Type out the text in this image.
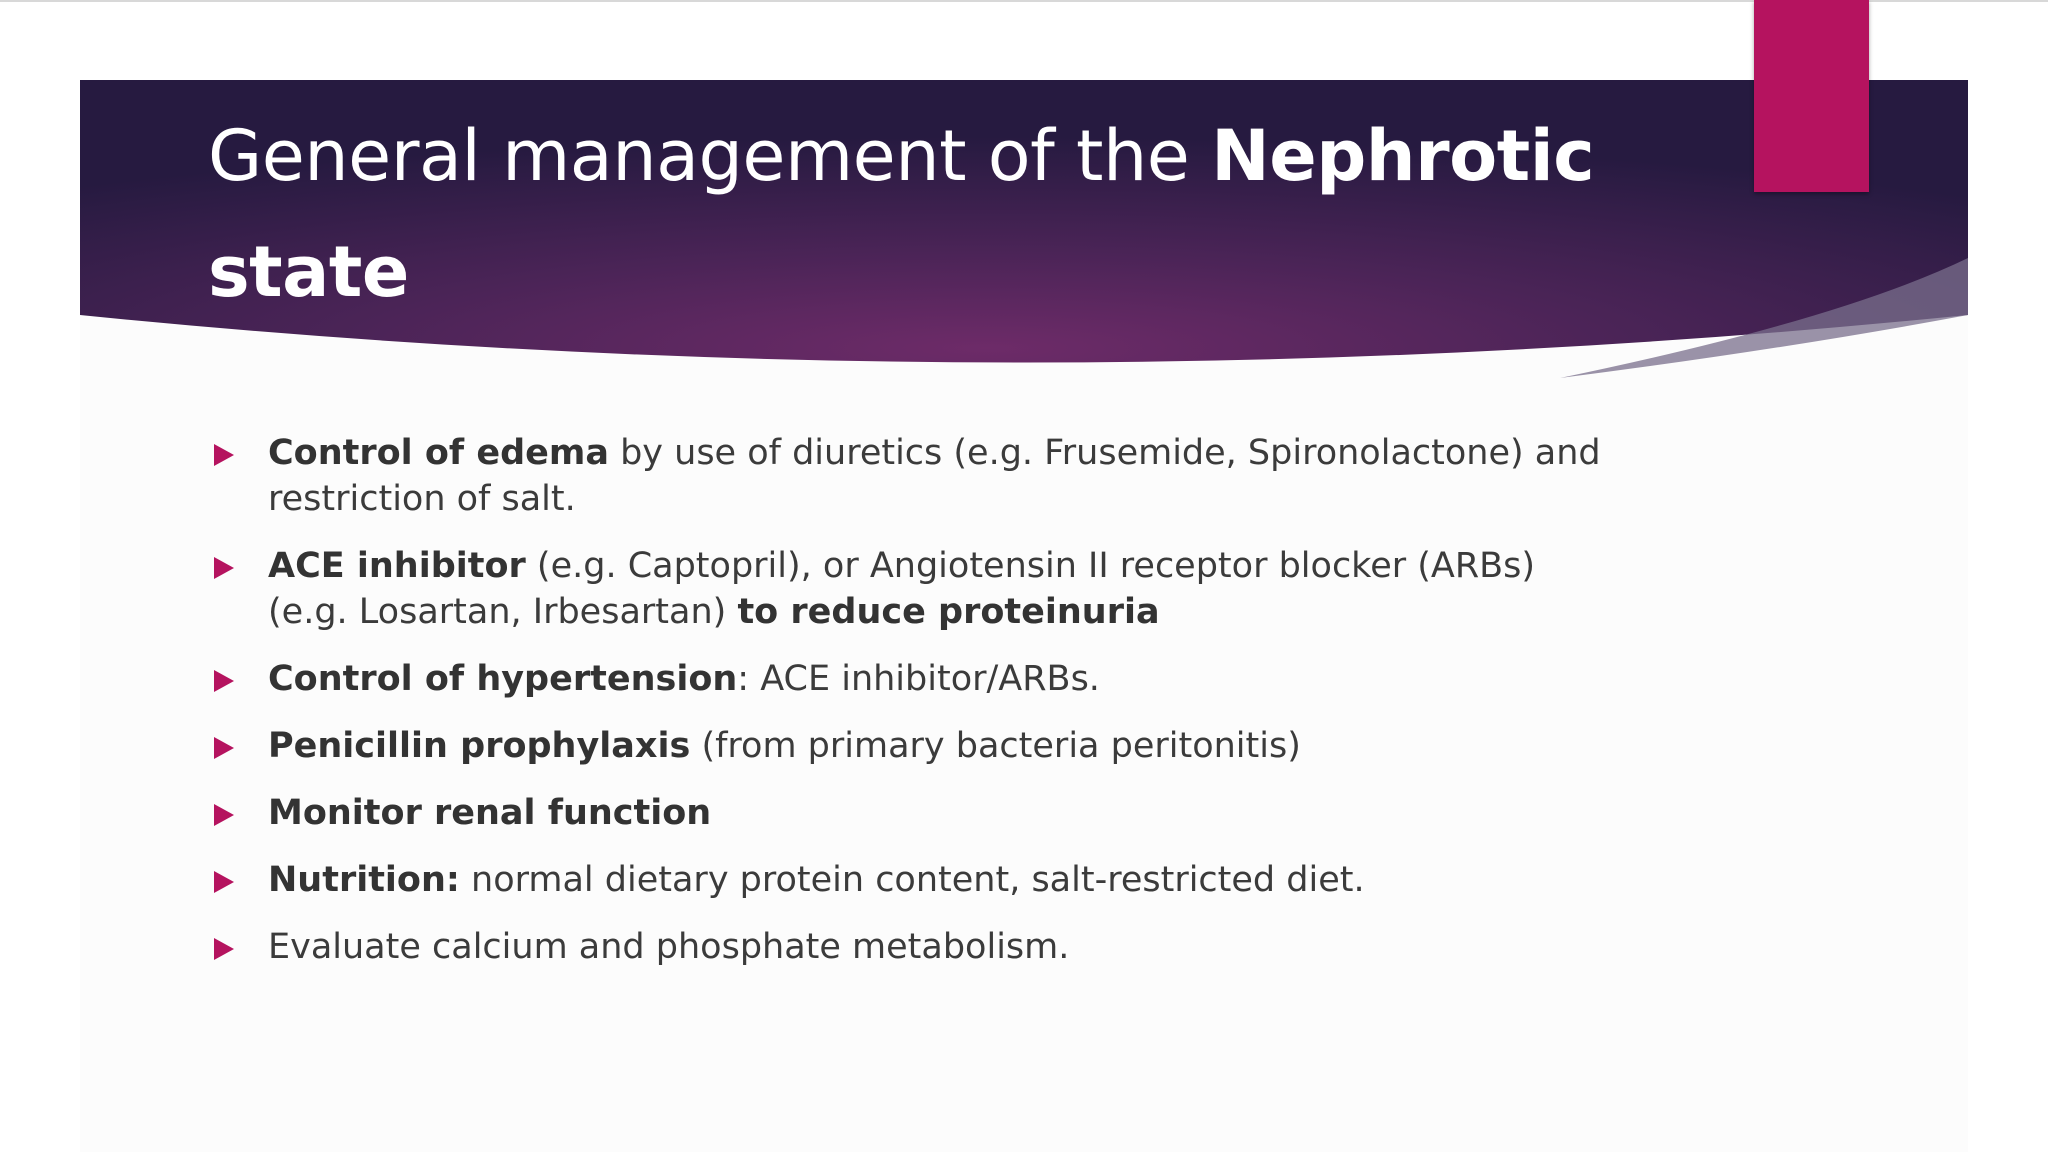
General management of the Nephrotic
state
Control of edema by use of diuretics (e.g. Frusemide, Spironolactone) and restriction of salt.
ACE inhibitor (e.g. Captopril), or Angiotensin II receptor blocker (ARBs) (e.g. Losartan, Irbesartan) to reduce proteinuria
Control of hypertension: ACE inhibitor/ARBs.
Penicillin prophylaxis (from primary bacteria peritonitis)
Monitor renal function
Nutrition: normal dietary protein content, salt-restricted diet.
Evaluate calcium and phosphate metabolism.
